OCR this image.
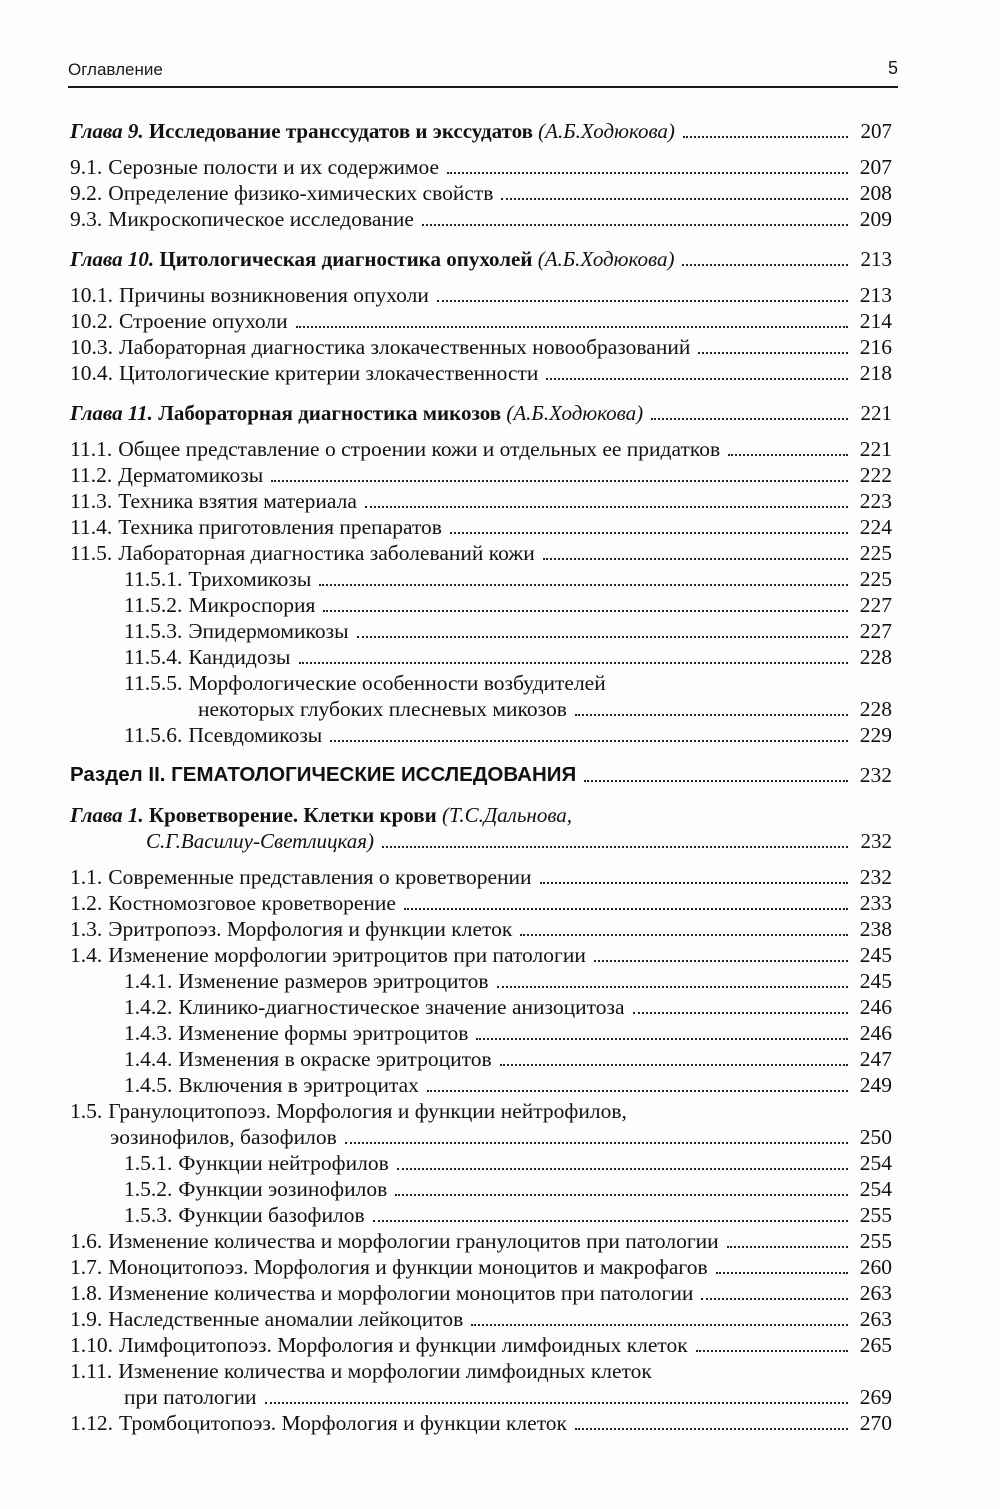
Оглавление	5
Глава 9. Исследование транссудатов и экссудатов (А.Б.Ходюкова)	207
9.1. Серозные полости и их содержимое	207
9.2. Определение физико-химических свойств	208
9.3. Микроскопическое исследование	209
Глава 10. Цитологическая диагностика опухолей (А.Б.Ходюкова)	213
10.1. Причины возникновения опухоли	213
10.2. Строение опухоли	214
10.3. Лабораторная диагностика злокачественных новообразований	216
10.4. Цитологические критерии злокачественности	218
Глава 11. Лабораторная диагностика микозов (А.Б.Ходюкова)	221
11.1. Общее представление о строении кожи и отдельных ее придатков	221
11.2. Дерматомикозы	222
11.3. Техника взятия материала	223
11.4. Техника приготовления препаратов	224
11.5. Лабораторная диагностика заболеваний кожи	225
11.5.1. Трихомикозы	225
11.5.2. Микроспория	227
11.5.3. Эпидермомикозы	227
11.5.4. Кандидозы	228
11.5.5. Морфологические особенности возбудителей
некоторых глубоких плесневых микозов	228
11.5.6. Псевдомикозы	229
Раздел II. ГЕМАТОЛОГИЧЕСКИЕ ИССЛЕДОВАНИЯ	232
Глава 1. Кроветворение. Клетки крови (Т.С.Дальнова,
С.Г.Василиу-Светлицкая)	232
1.1. Современные представления о кроветворении	232
1.2. Костномозговое кроветворение	233
1.3. Эритропоэз. Морфология и функции клеток	238
1.4. Изменение морфологии эритроцитов при патологии	245
1.4.1. Изменение размеров эритроцитов	245
1.4.2. Клинико-диагностическое значение анизоцитоза	246
1.4.3. Изменение формы эритроцитов	246
1.4.4. Изменения в окраске эритроцитов	247
1.4.5. Включения в эритроцитах	249
1.5. Гранулоцитопоэз. Морфология и функции нейтрофилов,
эозинофилов, базофилов	250
1.5.1. Функции нейтрофилов	254
1.5.2. Функции эозинофилов	254
1.5.3. Функции базофилов	255
1.6. Изменение количества и морфологии гранулоцитов при патологии	255
1.7. Моноцитопоэз. Морфология и функции моноцитов и макрофагов	260
1.8. Изменение количества и морфологии моноцитов при патологии	263
1.9. Наследственные аномалии лейкоцитов	263
1.10. Лимфоцитопоэз. Морфология и функции лимфоидных клеток	265
1.11. Изменение количества и морфологии лимфоидных клеток
при патологии	269
1.12. Тромбоцитопоэз. Морфология и функции клеток	270
